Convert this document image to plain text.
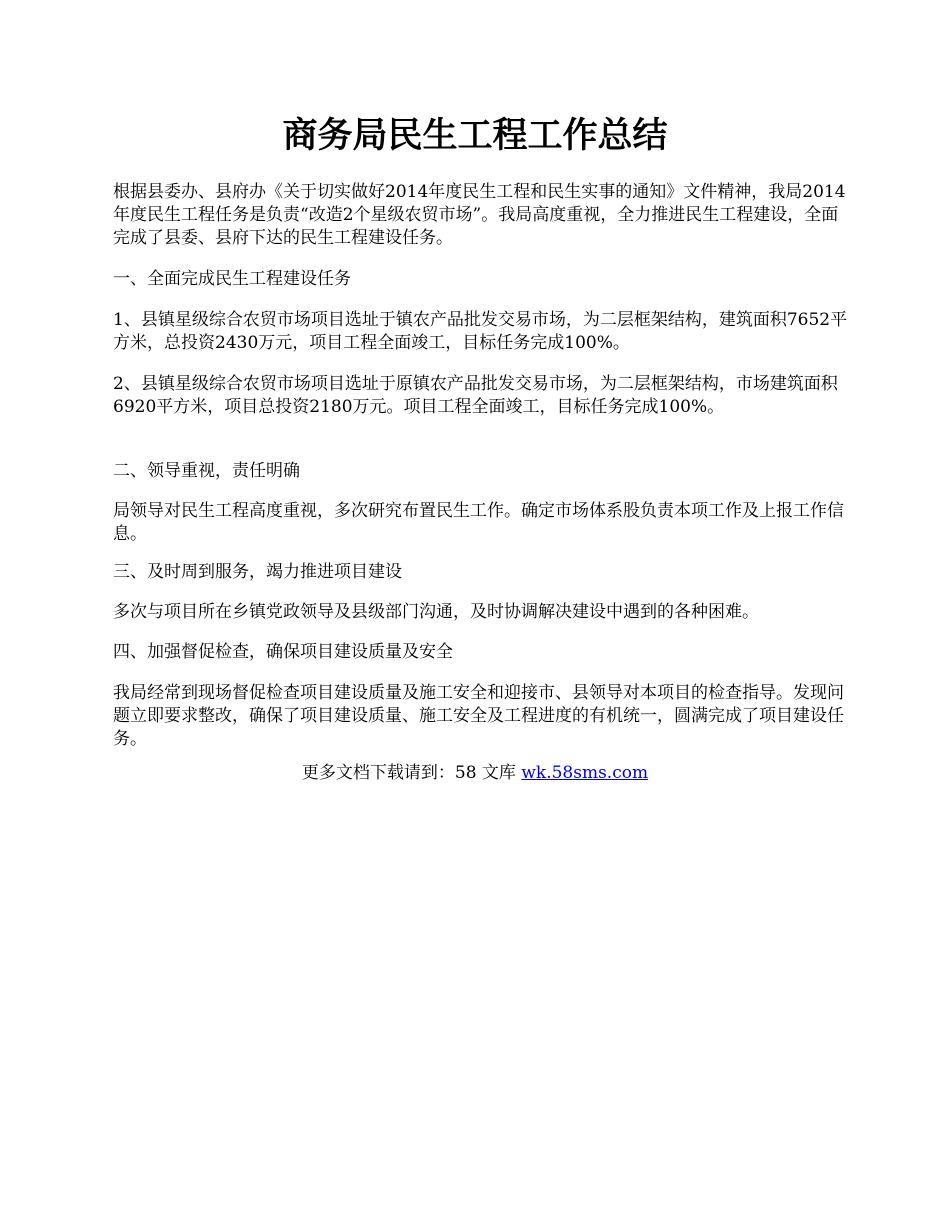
商务局民生工程工作总结

根据县委办、县府办《关于切实做好2014年度民生工程和民生实事的通知》文件精神，我局2014年度民生工程任务是负责“改造2个星级农贸市场”。我局高度重视，全力推进民生工程建设，全面完成了县委、县府下达的民生工程建设任务。

一、全面完成民生工程建设任务

1、县镇星级综合农贸市场项目选址于镇农产品批发交易市场，为二层框架结构，建筑面积7652平方米，总投资2430万元，项目工程全面竣工，目标任务完成100%。

2、县镇星级综合农贸市场项目选址于原镇农产品批发交易市场，为二层框架结构，市场建筑面积6920平方米，项目总投资2180万元。项目工程全面竣工，目标任务完成100%。

二、领导重视，责任明确

局领导对民生工程高度重视，多次研究布置民生工作。确定市场体系股负责本项工作及上报工作信息。

三、及时周到服务，竭力推进项目建设

多次与项目所在乡镇党政领导及县级部门沟通，及时协调解决建设中遇到的各种困难。

四、加强督促检查，确保项目建设质量及安全

我局经常到现场督促检查项目建设质量及施工安全和迎接市、县领导对本项目的检查指导。发现问题立即要求整改，确保了项目建设质量、施工安全及工程进度的有机统一，圆满完成了项目建设任务。

更多文档下载请到：58 文库 wk.58sms.com
